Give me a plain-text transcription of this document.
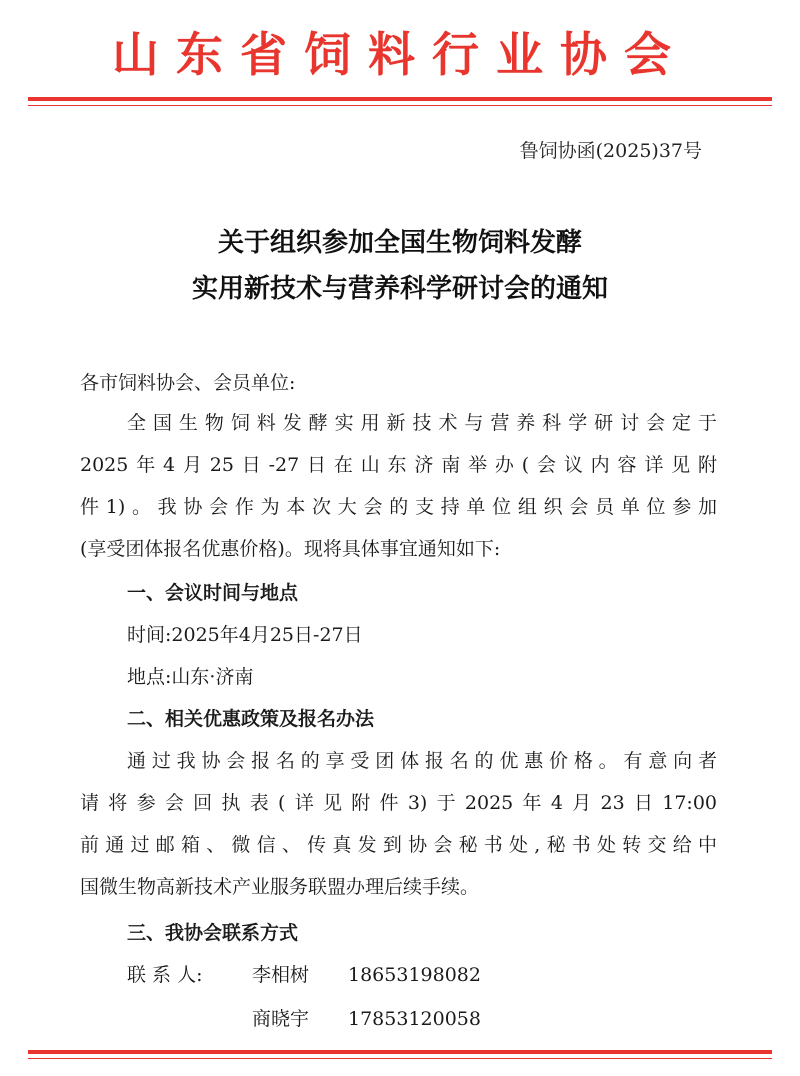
山东省饲料行业协会
鲁饲协函(2025)37号
关于组织参加全国生物饲料发酵
实用新技术与营养科学研讨会的通知
各市饲料协会、会员单位:
全国生物饲料发酵实用新技术与营养科学研讨会定于
2025年4月25日-27日在山东济南举办(会议内容详见附
件1)。我协会作为本次大会的支持单位组织会员单位参加
(享受团体报名优惠价格)。现将具体事宜通知如下:
一、会议时间与地点
时间:2025年4月25日-27日
地点:山东·济南
二、相关优惠政策及报名办法
通过我协会报名的享受团体报名的优惠价格。有意向者
请将参会回执表(详见附件3)于2025年4月23日17:00
前通过邮箱、微信、传真发到协会秘书处,秘书处转交给中
国微生物高新技术产业服务联盟办理后续手续。
三、我协会联系方式
联 系 人:	李相树 18653198082
商晓宇 17853120058
